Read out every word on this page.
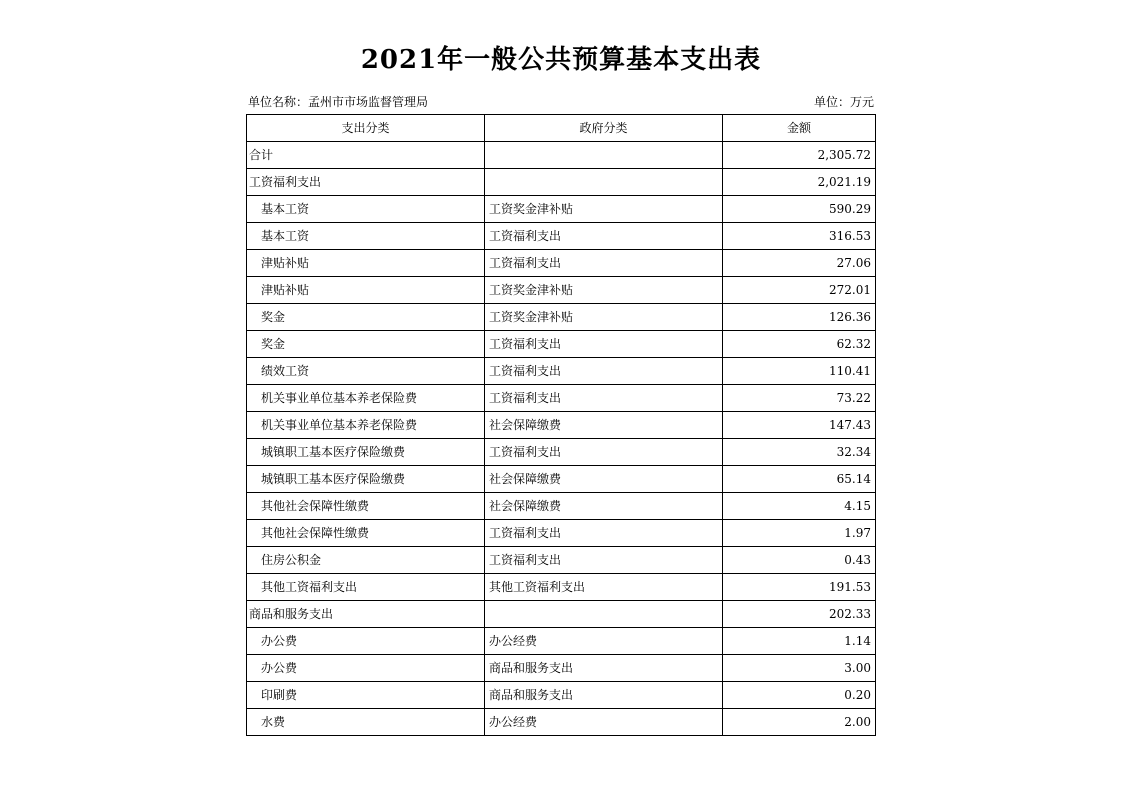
2021年一般公共预算基本支出表
单位名称：孟州市市场监督管理局	单位：万元
支出分类	政府分类	金额
合计		2,305.72
工资福利支出		2,021.19
基本工资	工资奖金津补贴	590.29
基本工资	工资福利支出	316.53
津贴补贴	工资福利支出	27.06
津贴补贴	工资奖金津补贴	272.01
奖金	工资奖金津补贴	126.36
奖金	工资福利支出	62.32
绩效工资	工资福利支出	110.41
机关事业单位基本养老保险费	工资福利支出	73.22
机关事业单位基本养老保险费	社会保障缴费	147.43
城镇职工基本医疗保险缴费	工资福利支出	32.34
城镇职工基本医疗保险缴费	社会保障缴费	65.14
其他社会保障性缴费	社会保障缴费	4.15
其他社会保障性缴费	工资福利支出	1.97
住房公积金	工资福利支出	0.43
其他工资福利支出	其他工资福利支出	191.53
商品和服务支出		202.33
办公费	办公经费	1.14
办公费	商品和服务支出	3.00
印刷费	商品和服务支出	0.20
水费	办公经费	2.00
